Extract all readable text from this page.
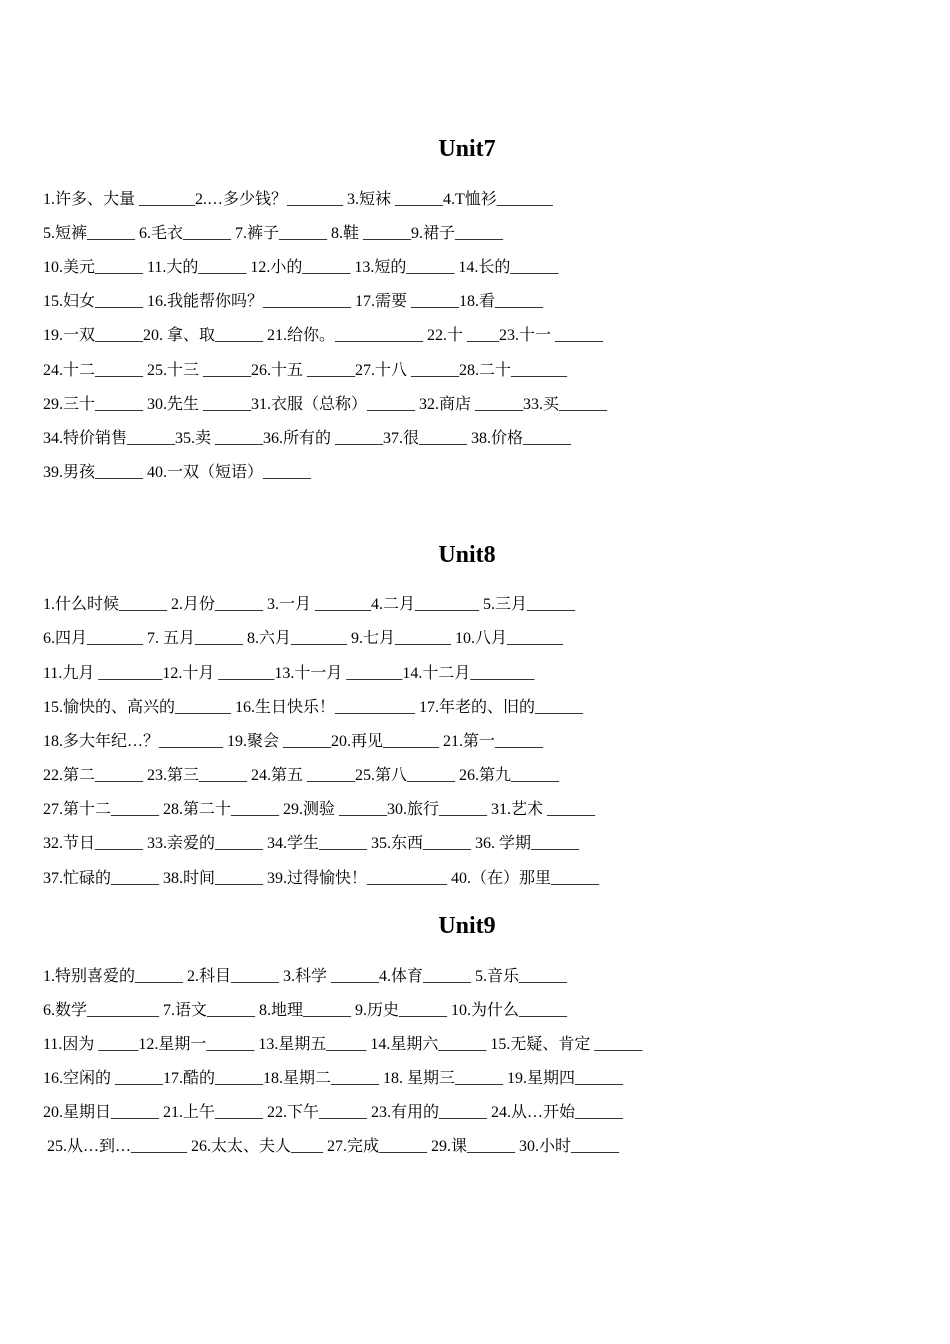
Unit7

1.许多、大量 _______2.…多少钱？_______ 3.短袜 ______4.T恤衫_______

5.短裤______ 6.毛衣______ 7.裤子______ 8.鞋 ______9.裙子______

10.美元______ 11.大的______ 12.小的______ 13.短的______ 14.长的______

15.妇女______ 16.我能帮你吗？___________ 17.需要 ______18.看______

19.一双______20. 拿、取______ 21.给你。___________ 22.十 ____23.十一 ______

24.十二______ 25.十三 ______26.十五 ______27.十八 ______28.二十_______

29.三十______ 30.先生 ______31.衣服（总称）______ 32.商店 ______33.买______

34.特价销售______35.卖 ______36.所有的 ______37.很______ 38.价格______

39.男孩______ 40.一双（短语）______

Unit8

1.什么时候______ 2.月份______ 3.一月 _______4.二月________ 5.三月______

6.四月_______ 7. 五月______ 8.六月_______ 9.七月_______ 10.八月_______

11.九月 ________12.十月 _______13.十一月 _______14.十二月________

15.愉快的、高兴的_______ 16.生日快乐！__________ 17.年老的、旧的______

18.多大年纪…？________ 19.聚会 ______20.再见_______ 21.第一______

22.第二______ 23.第三______ 24.第五 ______25.第八______ 26.第九______

27.第十二______ 28.第二十______ 29.测验 ______30.旅行______ 31.艺术 ______

32.节日______ 33.亲爱的______ 34.学生______ 35.东西______ 36. 学期______

37.忙碌的______ 38.时间______ 39.过得愉快！__________ 40.（在）那里______

Unit9

1.特别喜爱的______ 2.科目______ 3.科学 ______4.体育______ 5.音乐______

6.数学_________ 7.语文______ 8.地理______ 9.历史______ 10.为什么______

11.因为 _____12.星期一______ 13.星期五_____ 14.星期六______ 15.无疑、肯定 ______

16.空闲的 ______17.酷的______18.星期二______ 18. 星期三______ 19.星期四______

20.星期日______ 21.上午______ 22.下午______ 23.有用的______ 24.从…开始______

25.从…到…_______ 26.太太、夫人____ 27.完成______ 29.课______ 30.小时______
